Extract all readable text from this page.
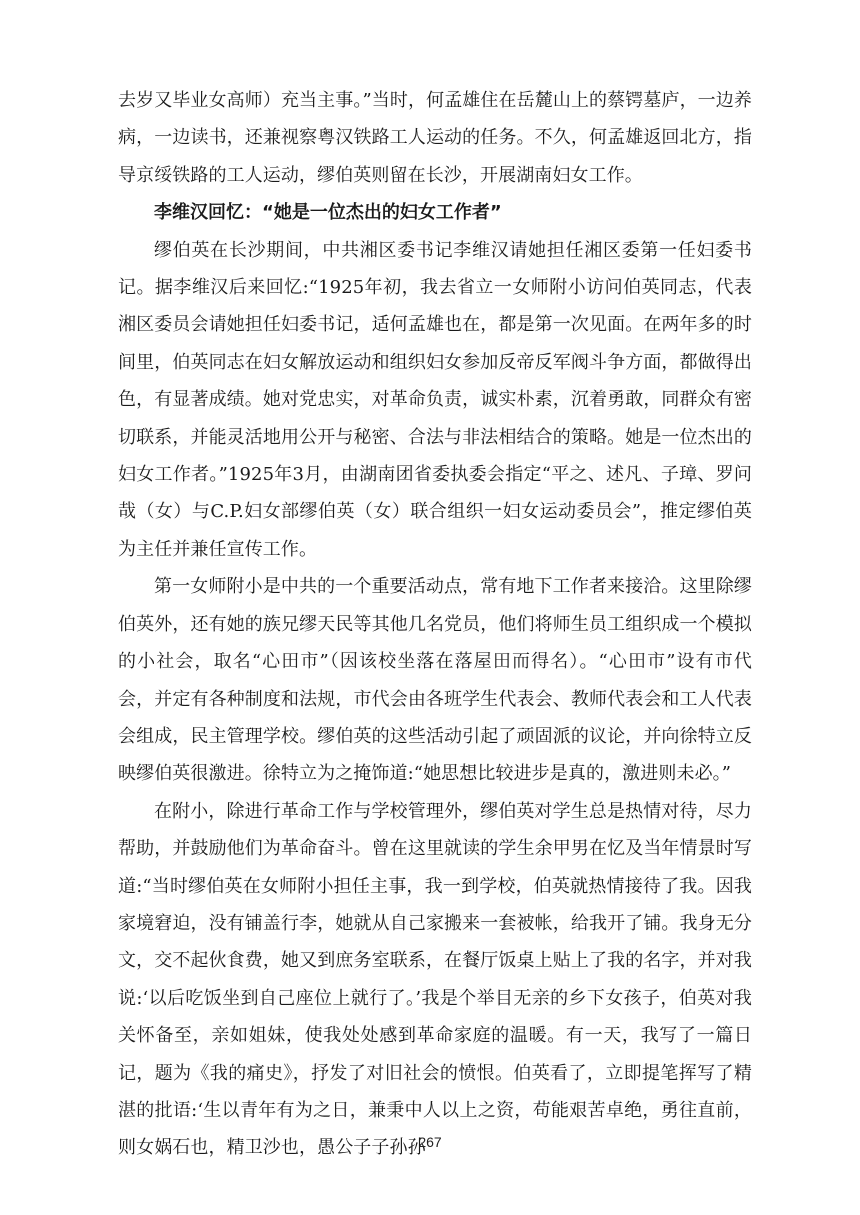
去岁又毕业女高师）充当主事。”当时，何孟雄住在岳麓山上的蔡锷墓庐，一边养病，一边读书，还兼视察粤汉铁路工人运动的任务。不久，何孟雄返回北方，指导京绥铁路的工人运动，缪伯英则留在长沙，开展湖南妇女工作。

李维汉回忆：“她是一位杰出的妇女工作者”

缪伯英在长沙期间，中共湘区委书记李维汉请她担任湘区委第一任妇委书记。据李维汉后来回忆:“1925年初，我去省立一女师附小访问伯英同志，代表湘区委员会请她担任妇委书记，适何孟雄也在，都是第一次见面。在两年多的时间里，伯英同志在妇女解放运动和组织妇女参加反帝反军阀斗争方面，都做得出色，有显著成绩。她对党忠实，对革命负责，诚实朴素，沉着勇敢，同群众有密切联系，并能灵活地用公开与秘密、合法与非法相结合的策略。她是一位杰出的妇女工作者。”1925年3月，由湖南团省委执委会指定“平之、述凡、子璋、罗问哉（女）与C.P.妇女部缪伯英（女）联合组织一妇女运动委员会”，推定缪伯英为主任并兼任宣传工作。

第一女师附小是中共的一个重要活动点，常有地下工作者来接洽。这里除缪伯英外，还有她的族兄缪天民等其他几名党员，他们将师生员工组织成一个模拟的小社会，取名“心田市”（因该校坐落在落屋田而得名）。“心田市”设有市代会，并定有各种制度和法规，市代会由各班学生代表会、教师代表会和工人代表会组成，民主管理学校。缪伯英的这些活动引起了顽固派的议论，并向徐特立反映缪伯英很激进。徐特立为之掩饰道:“她思想比较进步是真的，激进则未必。”

在附小，除进行革命工作与学校管理外，缪伯英对学生总是热情对待，尽力帮助，并鼓励他们为革命奋斗。曾在这里就读的学生余甲男在忆及当年情景时写道:“当时缪伯英在女师附小担任主事，我一到学校，伯英就热情接待了我。因我家境窘迫，没有铺盖行李，她就从自己家搬来一套被帐，给我开了铺。我身无分文，交不起伙食费，她又到庶务室联系，在餐厅饭桌上贴上了我的名字，并对我说:‘以后吃饭坐到自己座位上就行了。’我是个举目无亲的乡下女孩子，伯英对我关怀备至，亲如姐妹，使我处处感到革命家庭的温暖。有一天，我写了一篇日记，题为《我的痛史》，抒发了对旧社会的愤恨。伯英看了，立即提笔挥写了精湛的批语:‘生以青年有为之日，兼秉中人以上之资，苟能艰苦卓绝，勇往直前，则女娲石也，精卫沙也，愚公子子孙孙

267
